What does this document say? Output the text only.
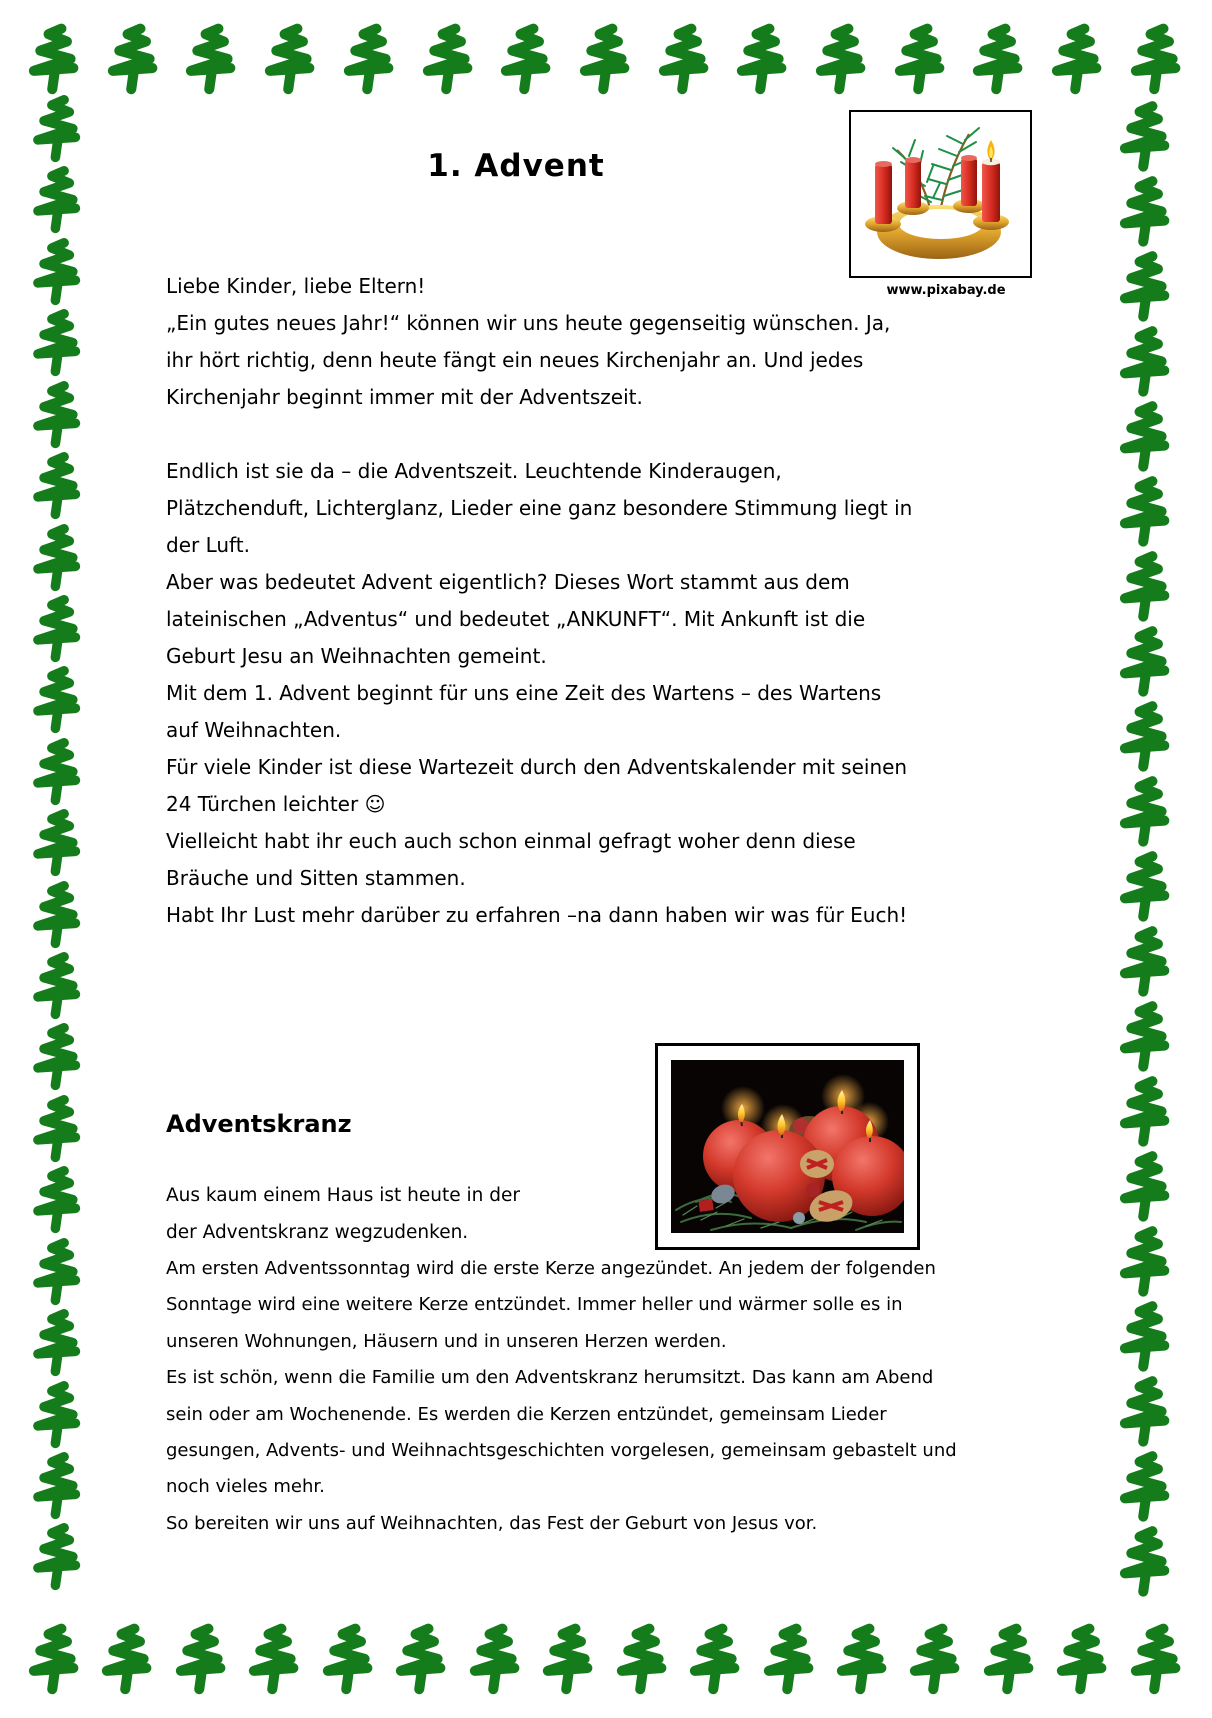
1. Advent
www.pixabay.de
Liebe Kinder, liebe Eltern!
„Ein gutes neues Jahr!“ können wir uns heute gegenseitig wünschen. Ja,
ihr hört richtig, denn heute fängt ein neues Kirchenjahr an. Und jedes
Kirchenjahr beginnt immer mit der Adventszeit.
Endlich ist sie da – die Adventszeit. Leuchtende Kinderaugen,
Plätzchenduft, Lichterglanz, Lieder eine ganz besondere Stimmung liegt in
der Luft.
Aber was bedeutet Advent eigentlich? Dieses Wort stammt aus dem
lateinischen „Adventus“ und bedeutet „ANKUNFT“. Mit Ankunft ist die
Geburt Jesu an Weihnachten gemeint.
Mit dem 1. Advent beginnt für uns eine Zeit des Wartens – des Wartens
auf Weihnachten.
Für viele Kinder ist diese Wartezeit durch den Adventskalender mit seinen
24 Türchen leichter ☺
Vielleicht habt ihr euch auch schon einmal gefragt woher denn diese
Bräuche und Sitten stammen.
Habt Ihr Lust mehr darüber zu erfahren –na dann haben wir was für Euch!
Adventskranz
Aus kaum einem Haus ist heute in der
der Adventskranz wegzudenken.
Am ersten Adventssonntag wird die erste Kerze angezündet. An jedem der folgenden
Sonntage wird eine weitere Kerze entzündet. Immer heller und wärmer solle es in
unseren Wohnungen, Häusern und in unseren Herzen werden.
Es ist schön, wenn die Familie um den Adventskranz herumsitzt. Das kann am Abend
sein oder am Wochenende. Es werden die Kerzen entzündet, gemeinsam Lieder
gesungen, Advents- und Weihnachtsgeschichten vorgelesen, gemeinsam gebastelt und
noch vieles mehr.
So bereiten wir uns auf Weihnachten, das Fest der Geburt von Jesus vor.
